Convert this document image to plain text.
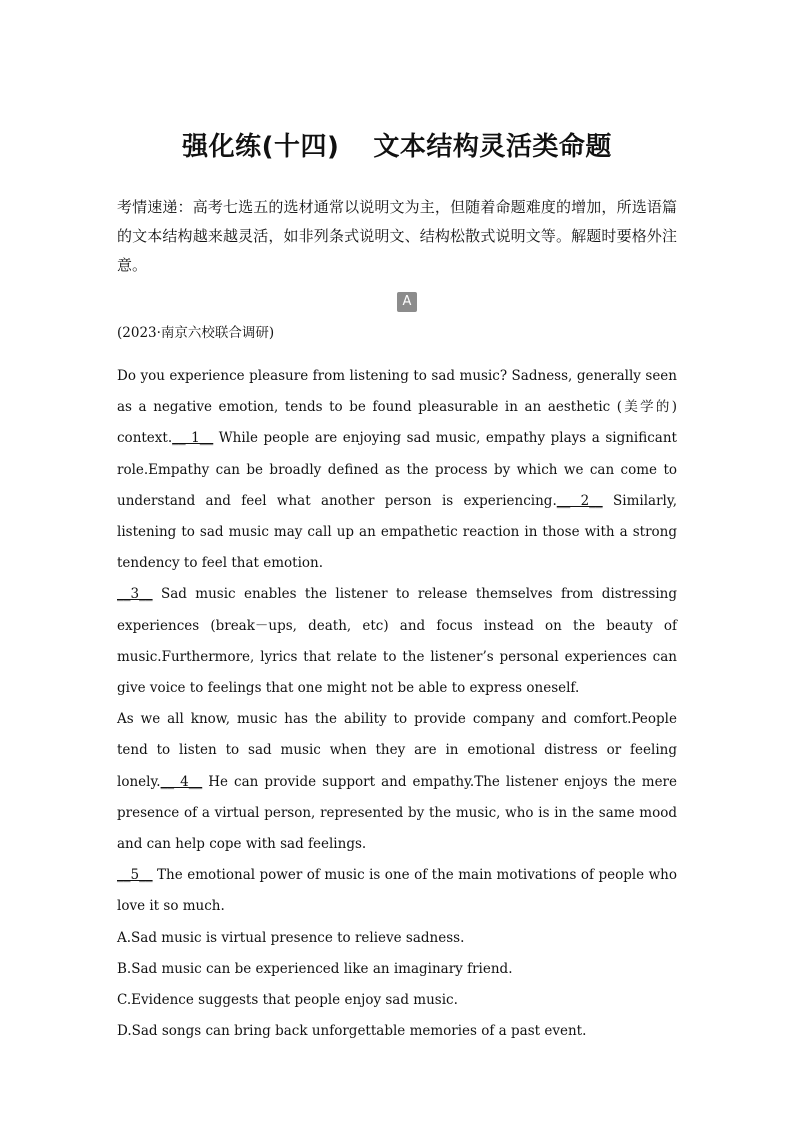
强化练(十四) 文本结构灵活类命题
考情速递：高考七选五的选材通常以说明文为主，但随着命题难度的增加，所选语篇的文本结构越来越灵活，如非列条式说明文、结构松散式说明文等。解题时要格外注意。
A
(2023·南京六校联合调研)

Do you experience pleasure from listening to sad music? Sadness, generally seen as a negative emotion, tends to be found pleasurable in an aesthetic (美学的) context.__ 1__ While people are enjoying sad music, empathy plays a significant role.Empathy can be broadly defined as the process by which we can come to understand and feel what another person is experiencing.__ 2__ Similarly, listening to sad music may call up an empathetic reaction in those with a strong tendency to feel that emotion.

__3__ Sad music enables the listener to release themselves from distressing experiences (break－ups, death, etc) and focus instead on the beauty of music.Furthermore, lyrics that relate to the listener’s personal experiences can give voice to feelings that one might not be able to express oneself.

As we all know, music has the ability to provide company and comfort.People tend to listen to sad music when they are in emotional distress or feeling lonely.__ 4__ He can provide support and empathy.The listener enjoys the mere presence of a virtual person, represented by the music, who is in the same mood and can help cope with sad feelings.

__5__ The emotional power of music is one of the main motivations of people who love it so much.

A.Sad music is virtual presence to relieve sadness.

B.Sad music can be experienced like an imaginary friend.

C.Evidence suggests that people enjoy sad music.

D.Sad songs can bring back unforgettable memories of a past event.
